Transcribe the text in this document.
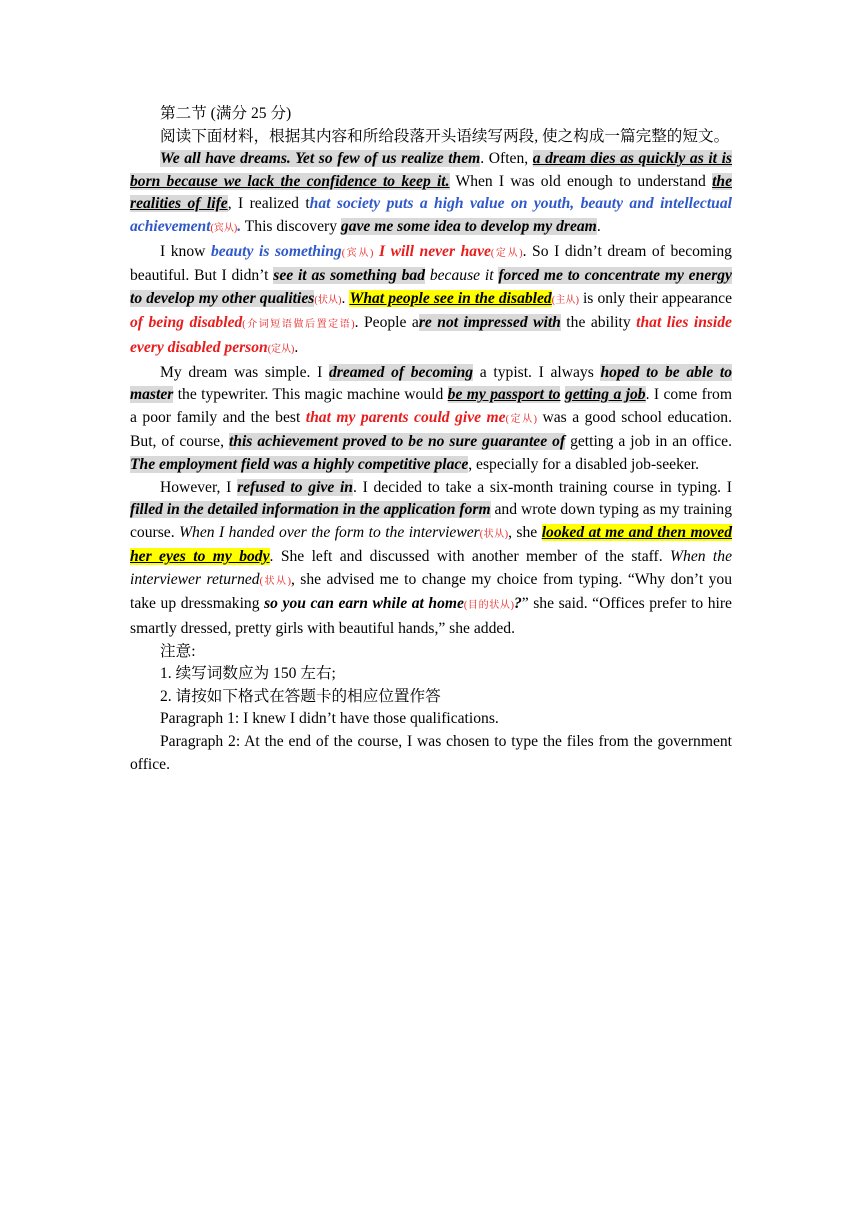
第二节 (满分 25 分)

阅读下面材料，根据其内容和所给段落开头语续写两段, 使之构成一篇完整的短文。

We all have dreams. Yet so few of us realize them. Often, a dream dies as quickly as it is born because we lack the confidence to keep it. When I was old enough to understand the realities of life, I realized that society puts a high value on youth, beauty and intellectual achievement(宾从). This discovery gave me some idea to develop my dream.

I know beauty is something(宾从) I will never have(定从). So I didn’t dream of becoming beautiful. But I didn’t see it as something bad because it forced me to concentrate my energy to develop my other qualities(状从). What people see in the disabled(主从) is only their appearance of being disabled(介词短语做后置定语). People are not impressed with the ability that lies inside every disabled person(定从).

My dream was simple. I dreamed of becoming a typist. I always hoped to be able to master the typewriter. This magic machine would be my passport to getting a job. I come from a poor family and the best that my parents could give me(定从) was a good school education. But, of course, this achievement proved to be no sure guarantee of getting a job in an office. The employment field was a highly competitive place, especially for a disabled job-seeker.

However, I refused to give in. I decided to take a six-month training course in typing. I filled in the detailed information in the application form and wrote down typing as my training course. When I handed over the form to the interviewer(状从), she looked at me and then moved her eyes to my body. She left and discussed with another member of the staff. When the interviewer returned(状从), she advised me to change my choice from typing. “Why don’t you take up dressmaking so you can earn while at home(目的状从)?” she said. “Offices prefer to hire smartly dressed, pretty girls with beautiful hands,” she added.

注意:

1. 续写词数应为 150 左右;

2. 请按如下格式在答题卡的相应位置作答

Paragraph 1: I knew I didn’t have those qualifications.

Paragraph 2: At the end of the course, I was chosen to type the files from the government office.
